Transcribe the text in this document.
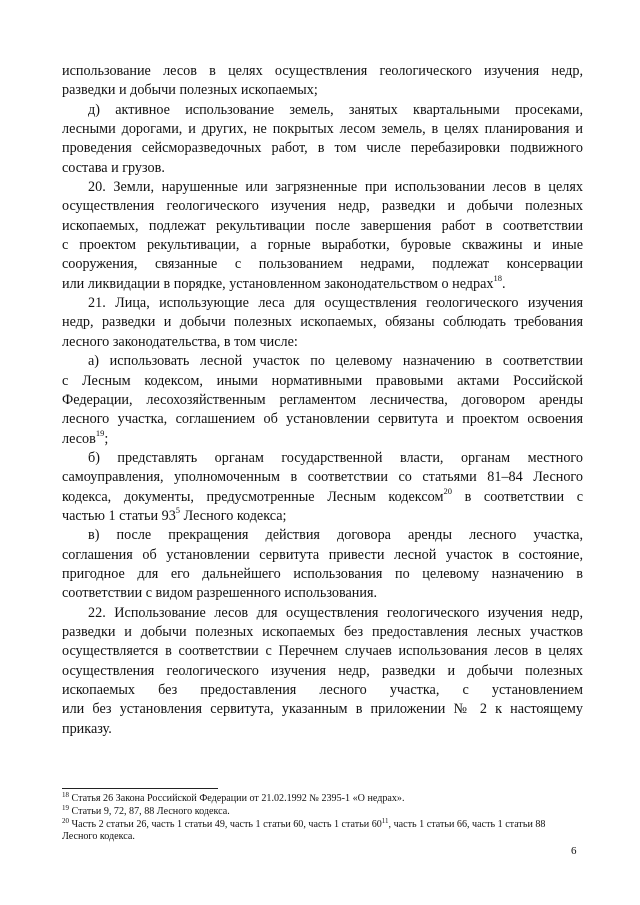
использование лесов в целях осуществления геологического изучения недр,
разведки и добычи полезных ископаемых;
д) активное использование земель, занятых квартальными просеками,
лесными дорогами, и других, не покрытых лесом земель, в целях планирования и
проведения сейсморазведочных работ, в том числе перебазировки подвижного
состава и грузов.
20. Земли, нарушенные или загрязненные при использовании лесов в целях
осуществления геологического изучения недр, разведки и добычи полезных
ископаемых, подлежат рекультивации после завершения работ в соответствии
с проектом рекультивации, а горные выработки, буровые скважины и иные
сооружения, связанные с пользованием недрами, подлежат консервации
или ликвидации в порядке, установленном законодательством о недрах$^{18}$.
21. Лица, использующие леса для осуществления геологического изучения
недр, разведки и добычи полезных ископаемых, обязаны соблюдать требования
лесного законодательства, в том числе:
а) использовать лесной участок по целевому назначению в соответствии
с Лесным кодексом, иными нормативными правовыми актами Российской
Федерации, лесохозяйственным регламентом лесничества, договором аренды
лесного участка, соглашением об установлении сервитута и проектом освоения
лесов$^{19}$;
б) представлять органам государственной власти, органам местного
самоуправления, уполномоченным в соответствии со статьями 81–84 Лесного
кодекса, документы, предусмотренные Лесным кодексом$^{20}$ в соответствии с
частью 1 статьи $93^5$ Лесного кодекса;
в) после прекращения действия договора аренды лесного участка,
соглашения об установлении сервитута привести лесной участок в состояние,
пригодное для его дальнейшего использования по целевому назначению в
соответствии с видом разрешенного использования.
22. Использование лесов для осуществления геологического изучения недр,
разведки и добычи полезных ископаемых без предоставления лесных участков
осуществляется в соответствии с Перечнем случаев использования лесов в целях
осуществления геологического изучения недр, разведки и добычи полезных
ископаемых без предоставления лесного участка, с установлением
или без установления сервитута, указанным в приложении № 2 к настоящему
приказу.
$^{18}$ Статья 26 Закона Российской Федерации от 21.02.1992 № 2395-1 «О недрах».
$^{19}$ Статьи 9, 72, 87, 88 Лесного кодекса.
$^{20}$ Часть 2 статьи 26, часть 1 статьи 49, часть 1 статьи 60, часть 1 статьи $60^{11}$, часть 1 статьи 66, часть 1 статьи 88
Лесного кодекса.
6
